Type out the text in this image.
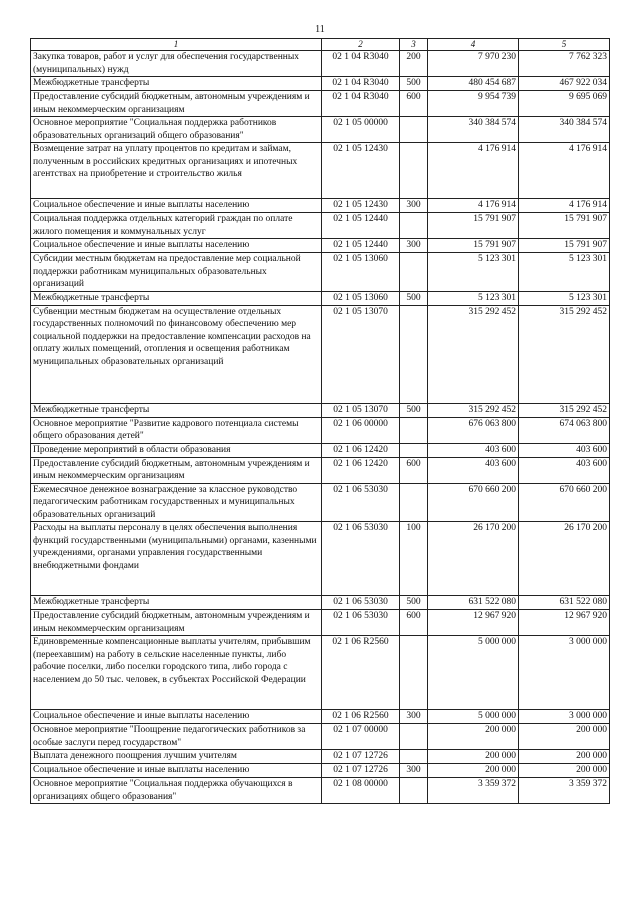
11
1	2	3	4	5
Закупка товаров, работ и услуг для обеспечения государственных (муниципальных) нужд	02 1 04 R3040	200	7 970 230	7 762 323
Межбюджетные трансферты	02 1 04 R3040	500	480 454 687	467 922 034
Предоставление субсидий бюджетным, автономным учреждениям и иным некоммерческим организациям	02 1 04 R3040	600	9 954 739	9 695 069
Основное мероприятие "Социальная поддержка работников образовательных организаций общего образования"	02 1 05 00000		340 384 574	340 384 574
Возмещение затрат на уплату процентов по кредитам и займам, полученным в российских кредитных организациях и ипотечных агентствах на приобретение и строительство жилья	02 1 05 12430		4 176 914	4 176 914
Социальное обеспечение и иные выплаты населению	02 1 05 12430	300	4 176 914	4 176 914
Социальная поддержка отдельных категорий граждан по оплате жилого помещения и коммунальных услуг	02 1 05 12440		15 791 907	15 791 907
Социальное обеспечение и иные выплаты населению	02 1 05 12440	300	15 791 907	15 791 907
Субсидии местным бюджетам на предоставление мер социальной поддержки работникам муниципальных образовательных организаций	02 1 05 13060		5 123 301	5 123 301
Межбюджетные трансферты	02 1 05 13060	500	5 123 301	5 123 301
Субвенции местным бюджетам на осуществление отдельных государственных полномочий по финансовому обеспечению мер социальной поддержки на предоставление компенсации расходов на оплату жилых помещений, отопления и освещения работникам муниципальных образовательных организаций	02 1 05 13070		315 292 452	315 292 452
Межбюджетные трансферты	02 1 05 13070	500	315 292 452	315 292 452
Основное мероприятие "Развитие кадрового потенциала системы общего образования детей"	02 1 06 00000		676 063 800	674 063 800
Проведение мероприятий в области образования	02 1 06 12420		403 600	403 600
Предоставление субсидий бюджетным, автономным учреждениям и иным некоммерческим организациям	02 1 06 12420	600	403 600	403 600
Ежемесячное денежное вознаграждение за классное руководство педагогическим работникам государственных и муниципальных образовательных организаций	02 1 06 53030		670 660 200	670 660 200
Расходы на выплаты персоналу в целях обеспечения выполнения функций государственными (муниципальными) органами, казенными учреждениями, органами управления государственными внебюджетными фондами	02 1 06 53030	100	26 170 200	26 170 200
Межбюджетные трансферты	02 1 06 53030	500	631 522 080	631 522 080
Предоставление субсидий бюджетным, автономным учреждениям и иным некоммерческим организациям	02 1 06 53030	600	12 967 920	12 967 920
Единовременные компенсационные выплаты учителям, прибывшим (переехавшим) на работу в сельские населенные пункты, либо рабочие поселки, либо поселки городского типа, либо города с населением до 50 тыс. человек, в субъектах Российской Федерации	02 1 06 R2560		5 000 000	3 000 000
Социальное обеспечение и иные выплаты населению	02 1 06 R2560	300	5 000 000	3 000 000
Основное мероприятие "Поощрение педагогических работников за особые заслуги перед государством"	02 1 07 00000		200 000	200 000
Выплата денежного поощрения лучшим учителям	02 1 07 12726		200 000	200 000
Социальное обеспечение и иные выплаты населению	02 1 07 12726	300	200 000	200 000
Основное мероприятие "Социальная поддержка обучающихся в организациях общего образования"	02 1 08 00000		3 359 372	3 359 372
